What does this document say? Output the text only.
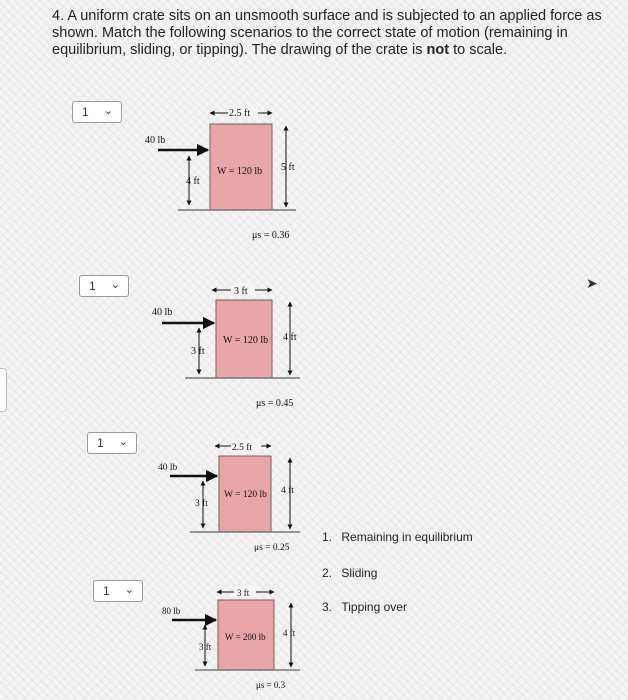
4. A uniform crate sits on an unsmooth surface and is subjected to an applied force as shown. Match the following scenarios to the correct state of motion (remaining in equilibrium, sliding, or tipping). The drawing of the crate is not to scale.
1 ⌄
1 ⌄
1 ⌄
1 ⌄
40 lb
4 ft
2.5 ft
5 ft
W = 120 lb
μs = 0.36
40 lb
3 ft
3 ft
4 ft
W = 120 lb
μs = 0.45
40 lb
3 ft
2.5 ft
4 ft
W = 120 lb
μs = 0.25
80 lb
3 ft
3 ft
4 ft
W = 200 lb
μs = 0.3
1. Remaining in equilibrium
2. Sliding
3. Tipping over
➤
